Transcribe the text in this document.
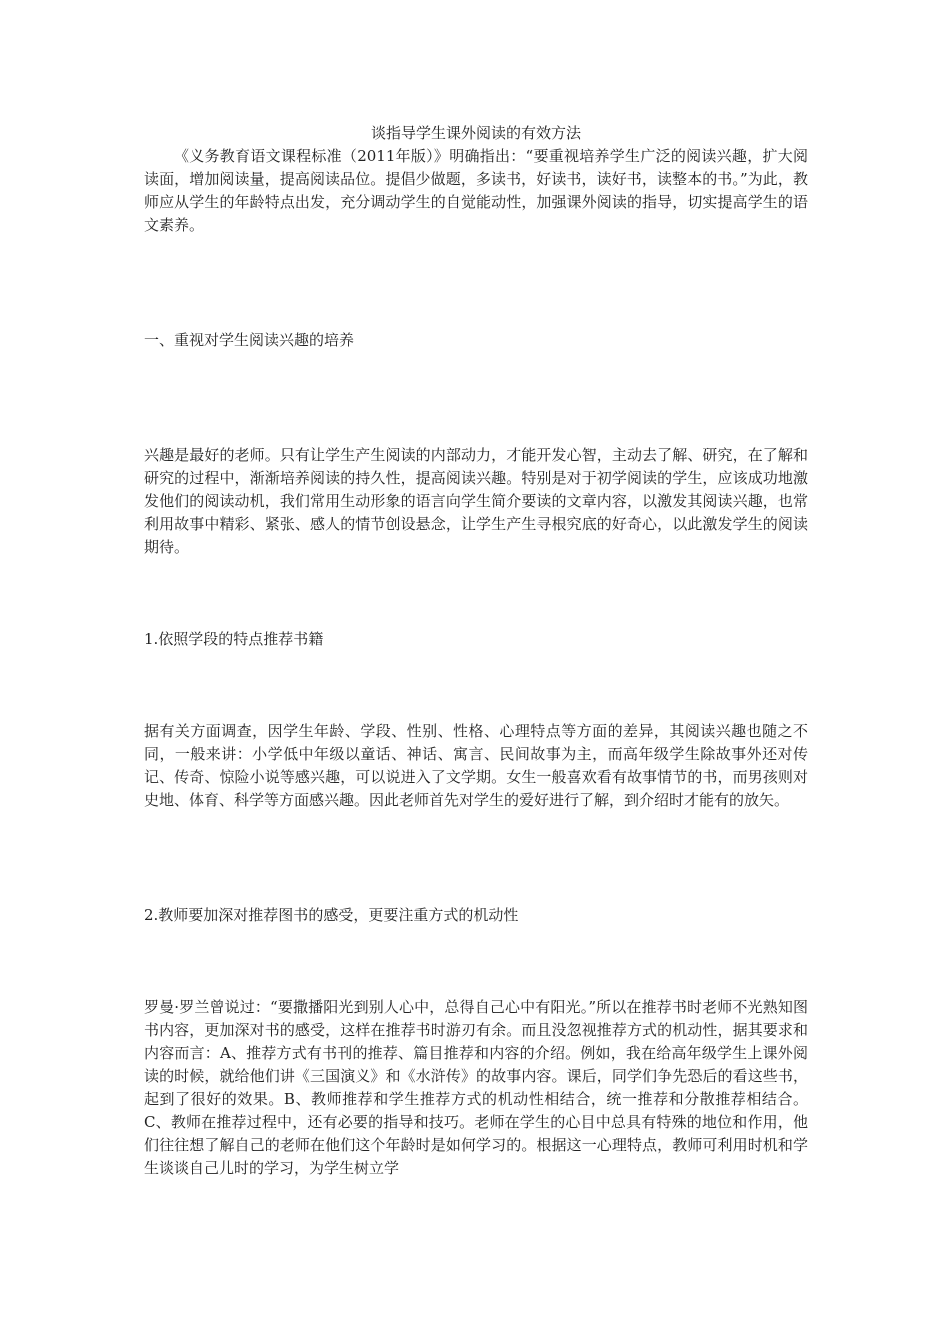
谈指导学生课外阅读的有效方法

《义务教育语文课程标准（2011年版）》明确指出：“要重视培养学生广泛的阅读兴趣，扩大阅读面，增加阅读量，提高阅读品位。提倡少做题，多读书，好读书，读好书，读整本的书。”为此，教师应从学生的年龄特点出发，充分调动学生的自觉能动性，加强课外阅读的指导，切实提高学生的语文素养。

一、重视对学生阅读兴趣的培养

兴趣是最好的老师。只有让学生产生阅读的内部动力，才能开发心智，主动去了解、研究，在了解和研究的过程中，渐渐培养阅读的持久性，提高阅读兴趣。特别是对于初学阅读的学生，应该成功地激发他们的阅读动机，我们常用生动形象的语言向学生简介要读的文章内容，以激发其阅读兴趣，也常利用故事中精彩、紧张、感人的情节创设悬念，让学生产生寻根究底的好奇心，以此激发学生的阅读期待。

1.依照学段的特点推荐书籍

据有关方面调查，因学生年龄、学段、性别、性格、心理特点等方面的差异，其阅读兴趣也随之不同，一般来讲：小学低中年级以童话、神话、寓言、民间故事为主，而高年级学生除故事外还对传记、传奇、惊险小说等感兴趣，可以说进入了文学期。女生一般喜欢看有故事情节的书，而男孩则对史地、体育、科学等方面感兴趣。因此老师首先对学生的爱好进行了解，到介绍时才能有的放矢。

2.教师要加深对推荐图书的感受，更要注重方式的机动性

罗曼·罗兰曾说过：“要撒播阳光到别人心中，总得自己心中有阳光。”所以在推荐书时老师不光熟知图书内容，更加深对书的感受，这样在推荐书时游刃有余。而且没忽视推荐方式的机动性，据其要求和内容而言：A、推荐方式有书刊的推荐、篇目推荐和内容的介绍。例如，我在给高年级学生上课外阅读的时候，就给他们讲《三国演义》和《水浒传》的故事内容。课后，同学们争先恐后的看这些书，起到了很好的效果。B、教师推荐和学生推荐方式的机动性相结合，统一推荐和分散推荐相结合。C、教师在推荐过程中，还有必要的指导和技巧。老师在学生的心目中总具有特殊的地位和作用，他们往往想了解自己的老师在他们这个年龄时是如何学习的。根据这一心理特点，教师可利用时机和学生谈谈自己儿时的学习，为学生树立学
